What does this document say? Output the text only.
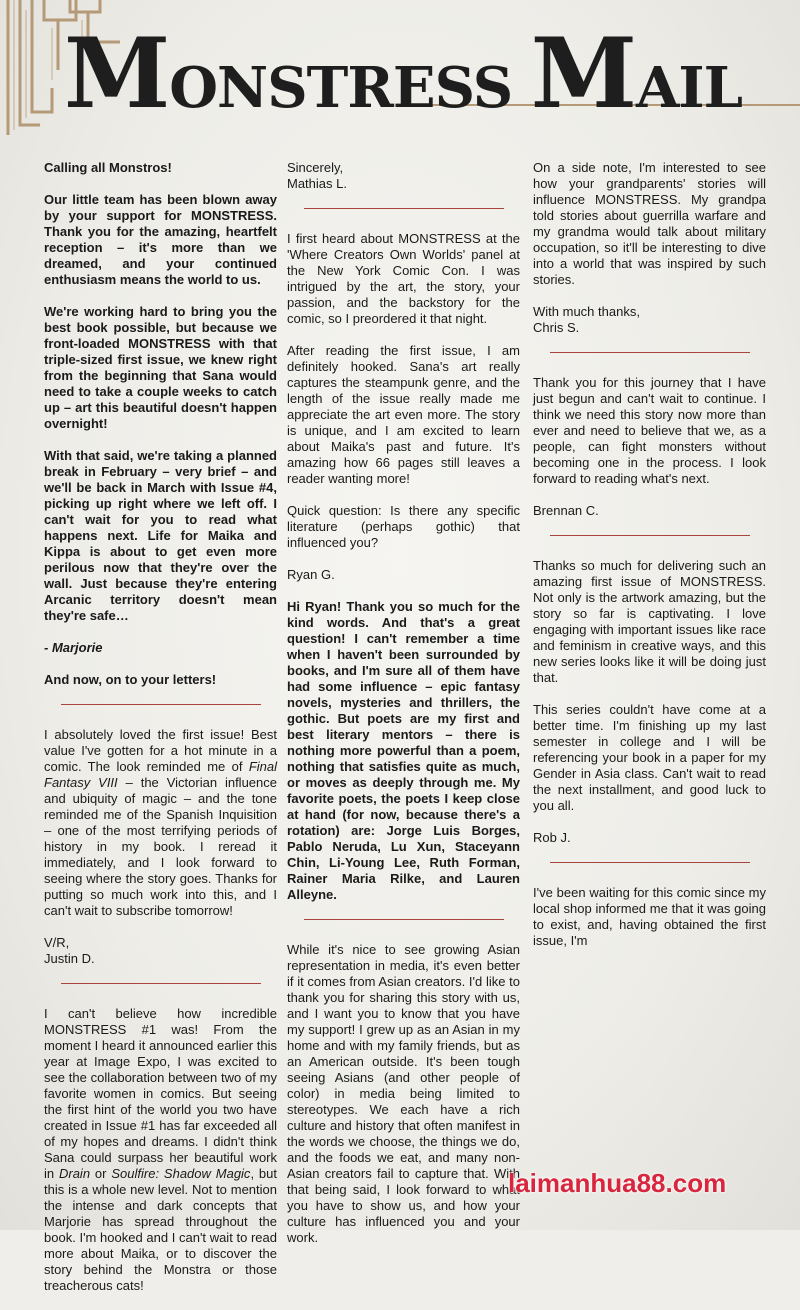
MONSTRESS MAIL

Calling all Monstros!

Our little team has been blown away by your support for MONSTRESS. Thank you for the amazing, heartfelt reception – it's more than we dreamed, and your continued enthusiasm means the world to us.

We're working hard to bring you the best book possible, but because we front-loaded MONSTRESS with that triple-sized first issue, we knew right from the beginning that Sana would need to take a couple weeks to catch up – art this beautiful doesn't happen overnight!

With that said, we're taking a planned break in February – very brief – and we'll be back in March with Issue #4, picking up right where we left off. I can't wait for you to read what happens next. Life for Maika and Kippa is about to get even more perilous now that they're over the wall. Just because they're entering Arcanic territory doesn't mean they're safe…

- Marjorie

And now, on to your letters!

I absolutely loved the first issue! Best value I've gotten for a hot minute in a comic. The look reminded me of Final Fantasy VIII – the Victorian influence and ubiquity of magic – and the tone reminded me of the Spanish Inquisition – one of the most terrifying periods of history in my book. I reread it immediately, and I look forward to seeing where the story goes. Thanks for putting so much work into this, and I can't wait to subscribe tomorrow!

V/R,
Justin D.

I can't believe how incredible MONSTRESS #1 was! From the moment I heard it announced earlier this year at Image Expo, I was excited to see the collaboration between two of my favorite women in comics. But seeing the first hint of the world you two have created in Issue #1 has far exceeded all of my hopes and dreams. I didn't think Sana could surpass her beautiful work in Drain or Soulfire: Shadow Magic, but this is a whole new level. Not to mention the intense and dark concepts that Marjorie has spread throughout the book. I'm hooked and I can't wait to read more about Maika, or to discover the story behind the Monstra or those treacherous cats!

Sincerely,
Mathias L.

I first heard about MONSTRESS at the 'Where Creators Own Worlds' panel at the New York Comic Con. I was intrigued by the art, the story, your passion, and the backstory for the comic, so I preordered it that night.

After reading the first issue, I am definitely hooked. Sana's art really captures the steampunk genre, and the length of the issue really made me appreciate the art even more. The story is unique, and I am excited to learn about Maika's past and future. It's amazing how 66 pages still leaves a reader wanting more!

Quick question: Is there any specific literature (perhaps gothic) that influenced you?

Ryan G.

Hi Ryan! Thank you so much for the kind words. And that's a great question! I can't remember a time when I haven't been surrounded by books, and I'm sure all of them have had some influence – epic fantasy novels, mysteries and thrillers, the gothic. But poets are my first and best literary mentors – there is nothing more powerful than a poem, nothing that satisfies quite as much, or moves as deeply through me. My favorite poets, the poets I keep close at hand (for now, because there's a rotation) are: Jorge Luis Borges, Pablo Neruda, Lu Xun, Staceyann Chin, Li-Young Lee, Ruth Forman, Rainer Maria Rilke, and Lauren Alleyne.

While it's nice to see growing Asian representation in media, it's even better if it comes from Asian creators. I'd like to thank you for sharing this story with us, and I want you to know that you have my support! I grew up as an Asian in my home and with my family friends, but as an American outside. It's been tough seeing Asians (and other people of color) in media being limited to stereotypes. We each have a rich culture and history that often manifest in the words we choose, the things we do, and the foods we eat, and many non-Asian creators fail to capture that. With that being said, I look forward to what you have to show us, and how your culture has influenced you and your work.

On a side note, I'm interested to see how your grandparents' stories will influence MONSTRESS. My grandpa told stories about guerrilla warfare and my grandma would talk about military occupation, so it'll be interesting to dive into a world that was inspired by such stories.

With much thanks,
Chris S.

Thank you for this journey that I have just begun and can't wait to continue. I think we need this story now more than ever and need to believe that we, as a people, can fight monsters without becoming one in the process. I look forward to reading what's next.

Brennan C.

Thanks so much for delivering such an amazing first issue of MONSTRESS. Not only is the artwork amazing, but the story so far is captivating. I love engaging with important issues like race and feminism in creative ways, and this new series looks like it will be doing just that.

This series couldn't have come at a better time. I'm finishing up my last semester in college and I will be referencing your book in a paper for my Gender in Asia class. Can't wait to read the next installment, and good luck to you all.

Rob J.

I've been waiting for this comic since my local shop informed me that it was going to exist, and, having obtained the first issue, I'm

laimanhua88.com
